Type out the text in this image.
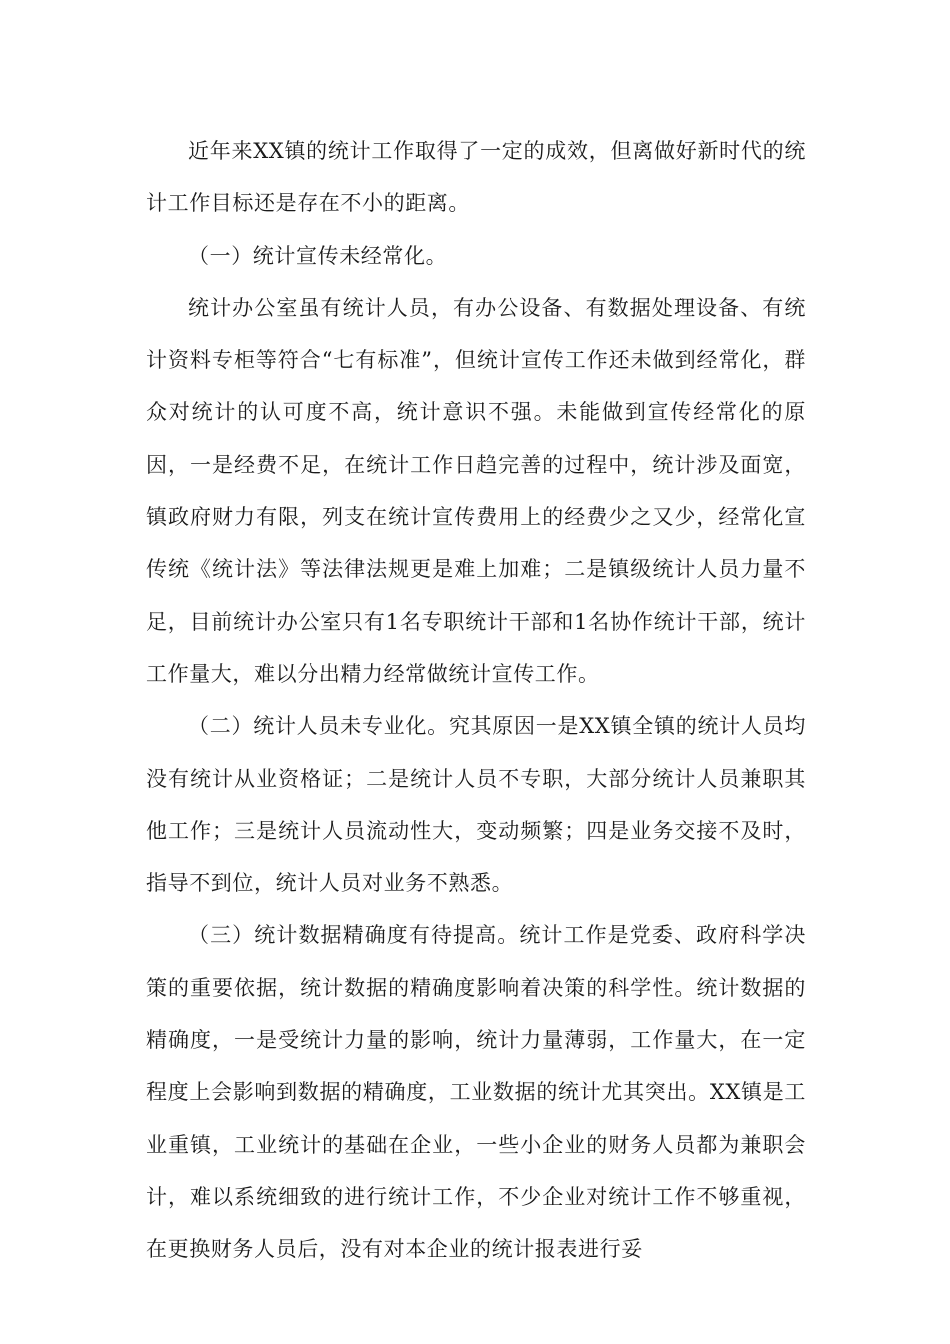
近年来XX镇的统计工作取得了一定的成效，但离做好新时代的统计工作目标还是存在不小的距离。

（一）统计宣传未经常化。

统计办公室虽有统计人员，有办公设备、有数据处理设备、有统计资料专柜等符合“七有标准”，但统计宣传工作还未做到经常化，群众对统计的认可度不高，统计意识不强。未能做到宣传经常化的原因，一是经费不足，在统计工作日趋完善的过程中，统计涉及面宽，镇政府财力有限，列支在统计宣传费用上的经费少之又少，经常化宣传统《统计法》等法律法规更是难上加难；二是镇级统计人员力量不足，目前统计办公室只有1名专职统计干部和1名协作统计干部，统计工作量大，难以分出精力经常做统计宣传工作。

（二）统计人员未专业化。究其原因一是XX镇全镇的统计人员均没有统计从业资格证；二是统计人员不专职，大部分统计人员兼职其他工作；三是统计人员流动性大，变动频繁；四是业务交接不及时，指导不到位，统计人员对业务不熟悉。

（三）统计数据精确度有待提高。统计工作是党委、政府科学决策的重要依据，统计数据的精确度影响着决策的科学性。统计数据的精确度，一是受统计力量的影响，统计力量薄弱，工作量大，在一定程度上会影响到数据的精确度，工业数据的统计尤其突出。XX镇是工业重镇，工业统计的基础在企业，一些小企业的财务人员都为兼职会计，难以系统细致的进行统计工作，不少企业对统计工作不够重视，在更换财务人员后，没有对本企业的统计报表进行妥
